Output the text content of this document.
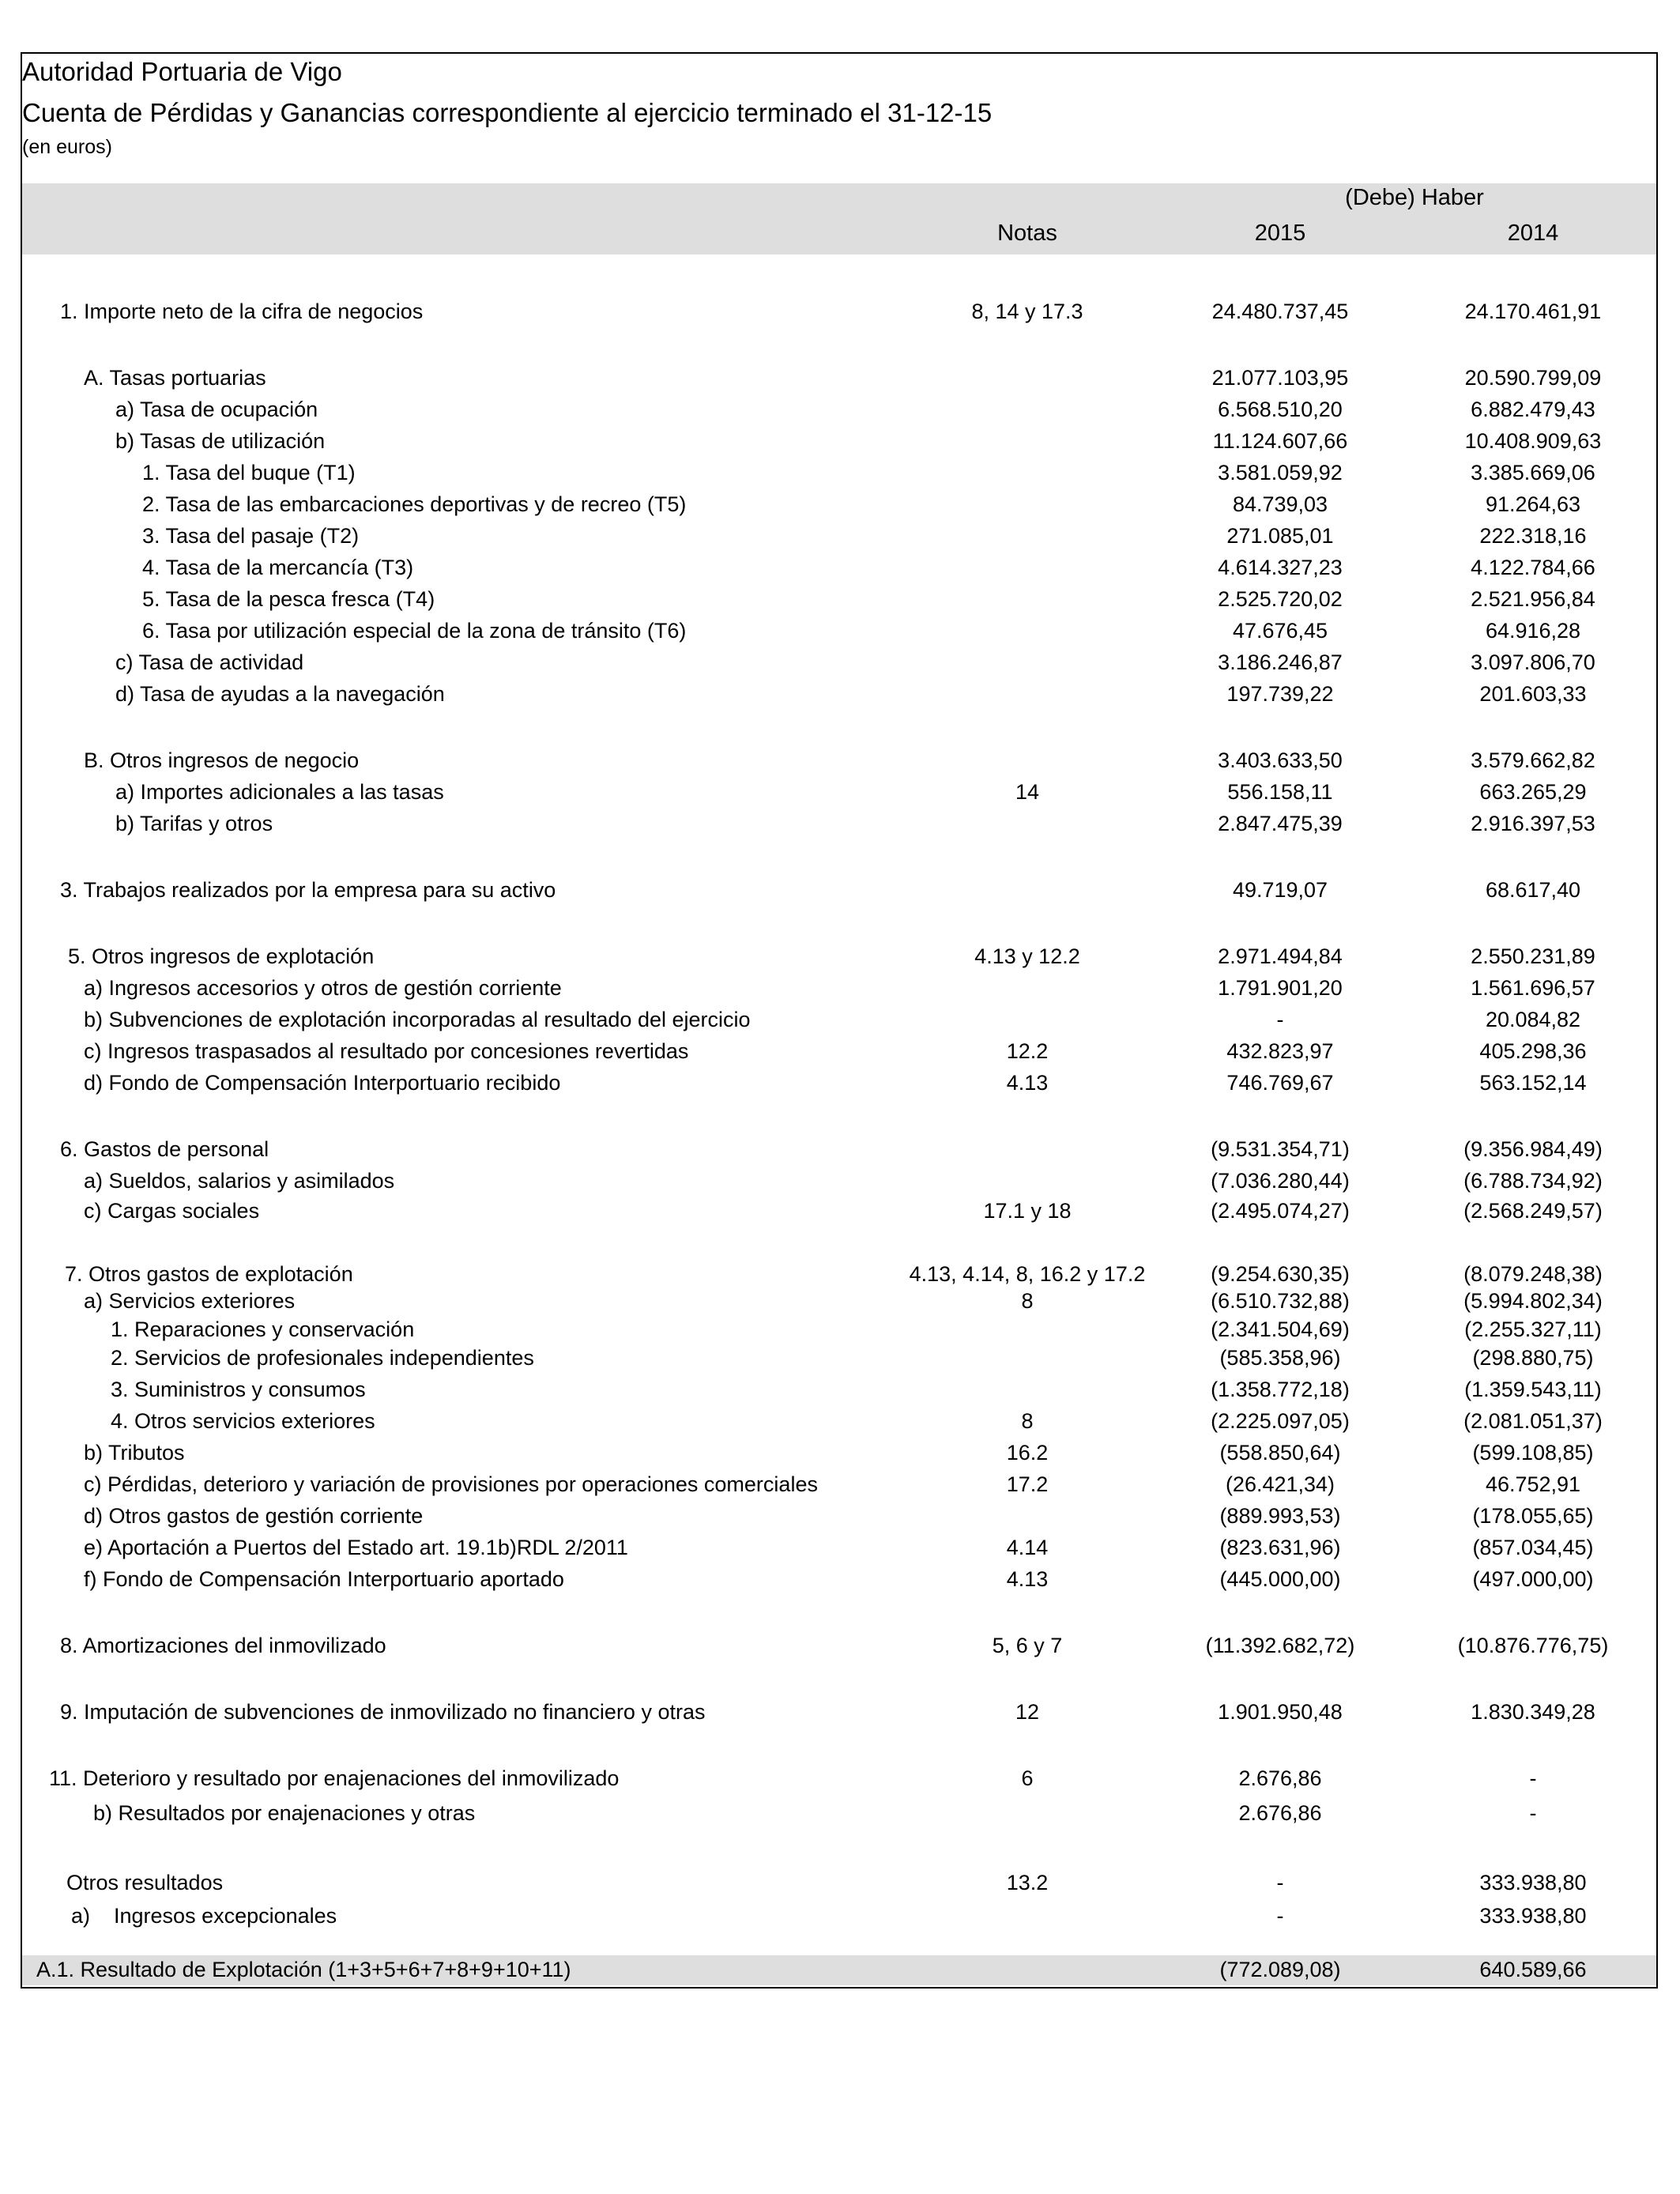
Autoridad Portuaria de Vigo
Cuenta de Pérdidas y Ganancias correspondiente al ejercicio terminado el 31-12-15
(en euros)
(Debe) Haber
Notas	2015	2014
1. Importe neto de la cifra de negocios	8, 14 y 17.3	24.480.737,45	24.170.461,91
A. Tasas portuarias	21.077.103,95	20.590.799,09
a) Tasa de ocupación	6.568.510,20	6.882.479,43
b) Tasas de utilización	11.124.607,66	10.408.909,63
1. Tasa del buque (T1)	3.581.059,92	3.385.669,06
2. Tasa de las embarcaciones deportivas y de recreo (T5)	84.739,03	91.264,63
3. Tasa del pasaje (T2)	271.085,01	222.318,16
4. Tasa de la mercancía (T3)	4.614.327,23	4.122.784,66
5. Tasa de la pesca fresca (T4)	2.525.720,02	2.521.956,84
6. Tasa por utilización especial de la zona de tránsito (T6)	47.676,45	64.916,28
c) Tasa de actividad	3.186.246,87	3.097.806,70
d) Tasa de ayudas a la navegación	197.739,22	201.603,33
B. Otros ingresos de negocio	3.403.633,50	3.579.662,82
a) Importes adicionales a las tasas	14	556.158,11	663.265,29
b) Tarifas y otros	2.847.475,39	2.916.397,53
3. Trabajos realizados por la empresa para su activo	49.719,07	68.617,40
5. Otros ingresos de explotación	4.13 y 12.2	2.971.494,84	2.550.231,89
a) Ingresos accesorios y otros de gestión corriente	1.791.901,20	1.561.696,57
b) Subvenciones de explotación incorporadas al resultado del ejercicio	-	20.084,82
c) Ingresos traspasados al resultado por concesiones revertidas	12.2	432.823,97	405.298,36
d) Fondo de Compensación Interportuario recibido	4.13	746.769,67	563.152,14
6. Gastos de personal	(9.531.354,71)	(9.356.984,49)
a) Sueldos, salarios y asimilados	(7.036.280,44)	(6.788.734,92)
c) Cargas sociales	17.1 y 18	(2.495.074,27)	(2.568.249,57)
7. Otros gastos de explotación	4.13, 4.14, 8, 16.2 y 17.2	(9.254.630,35)	(8.079.248,38)
a) Servicios exteriores	8	(6.510.732,88)	(5.994.802,34)
1. Reparaciones y conservación	(2.341.504,69)	(2.255.327,11)
2. Servicios de profesionales independientes	(585.358,96)	(298.880,75)
3. Suministros y consumos	(1.358.772,18)	(1.359.543,11)
4. Otros servicios exteriores	8	(2.225.097,05)	(2.081.051,37)
b) Tributos	16.2	(558.850,64)	(599.108,85)
c) Pérdidas, deterioro y variación de provisiones por operaciones comerciales	17.2	(26.421,34)	46.752,91
d) Otros gastos de gestión corriente	(889.993,53)	(178.055,65)
e) Aportación a Puertos del Estado art. 19.1b)RDL 2/2011	4.14	(823.631,96)	(857.034,45)
f) Fondo de Compensación Interportuario aportado	4.13	(445.000,00)	(497.000,00)
8. Amortizaciones del inmovilizado	5, 6 y 7	(11.392.682,72)	(10.876.776,75)
9. Imputación de subvenciones de inmovilizado no financiero y otras	12	1.901.950,48	1.830.349,28
11. Deterioro y resultado por enajenaciones del inmovilizado	6	2.676,86	-
b) Resultados por enajenaciones y otras	2.676,86	-
Otros resultados	13.2	-	333.938,80
a)    Ingresos excepcionales	-	333.938,80
A.1. Resultado de Explotación (1+3+5+6+7+8+9+10+11)	(772.089,08)	640.589,66
